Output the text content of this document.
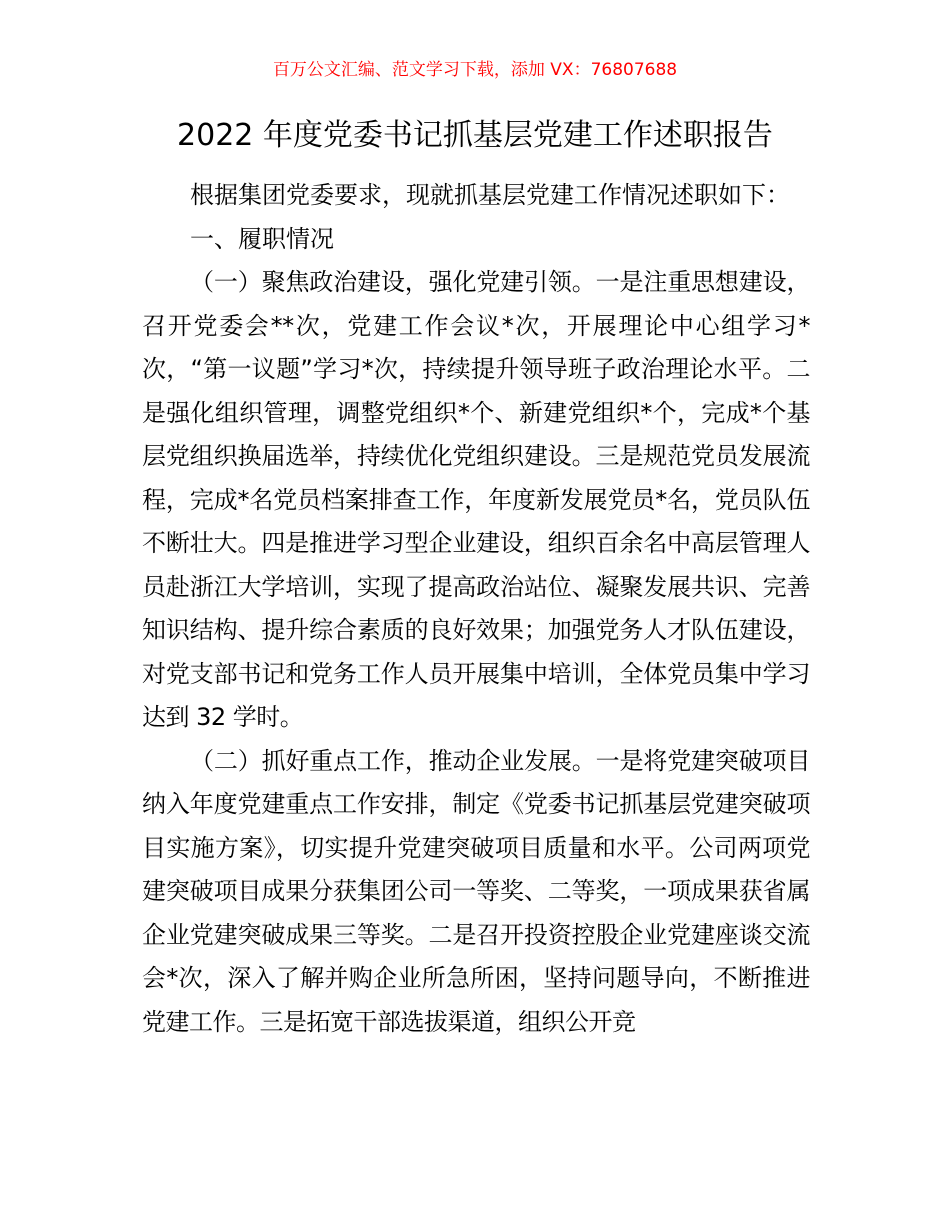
百万公文汇编、范文学习下载，添加 VX：76807688
2022 年度党委书记抓基层党建工作述职报告

根据集团党委要求，现就抓基层党建工作情况述职如下：

一、履职情况

（一）聚焦政治建设，强化党建引领。一是注重思想建设，召开党委会**次，党建工作会议*次，开展理论中心组学习*次，“第一议题”学习*次，持续提升领导班子政治理论水平。二是强化组织管理，调整党组织*个、新建党组织*个，完成*个基层党组织换届选举，持续优化党组织建设。三是规范党员发展流程，完成*名党员档案排查工作，年度新发展党员*名，党员队伍不断壮大。四是推进学习型企业建设，组织百余名中高层管理人员赴浙江大学培训，实现了提高政治站位、凝聚发展共识、完善知识结构、提升综合素质的良好效果；加强党务人才队伍建设，对党支部书记和党务工作人员开展集中培训，全体党员集中学习达到 32 学时。

（二）抓好重点工作，推动企业发展。一是将党建突破项目纳入年度党建重点工作安排，制定《党委书记抓基层党建突破项目实施方案》，切实提升党建突破项目质量和水平。公司两项党建突破项目成果分获集团公司一等奖、二等奖，一项成果获省属企业党建突破成果三等奖。二是召开投资控股企业党建座谈交流会*次，深入了解并购企业所急所困，坚持问题导向，不断推进党建工作。三是拓宽干部选拔渠道，组织公开竞
